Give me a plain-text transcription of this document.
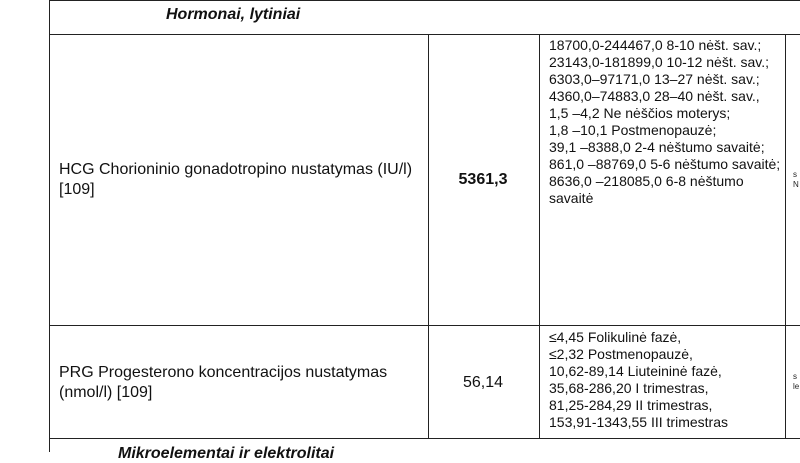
Hormonai, lytiniai
HCG Chorioninio gonadotropino nustatymas (IU/l) [109]
5361,3
18700,0-244467,0 8-10 nėšt. sav.;
23143,0-181899,0 10-12 nėšt. sav.;
6303,0–97171,0 13–27 nėšt. sav.;
4360,0–74883,0 28–40 nėšt. sav.,
1,5 –4,2 Ne nėščios moterys;
1,8 –10,1 Postmenopauzė;
39,1 –8388,0 2-4 nėštumo savaitė;
861,0 –88769,0 5-6 nėštumo savaitė;
8636,0 –218085,0 6-8 nėštumo savaitė
s
N
PRG Progesterono koncentracijos nustatymas (nmol/l) [109]
56,14
≤4,45 Folikulinė fazė,
≤2,32 Postmenopauzė,
10,62-89,14 Liuteininė fazė,
35,68-286,20 I trimestras,
81,25-284,29 II trimestras,
153,91-1343,55 III trimestras
s
le
Mikroelementai ir elektrolitai
